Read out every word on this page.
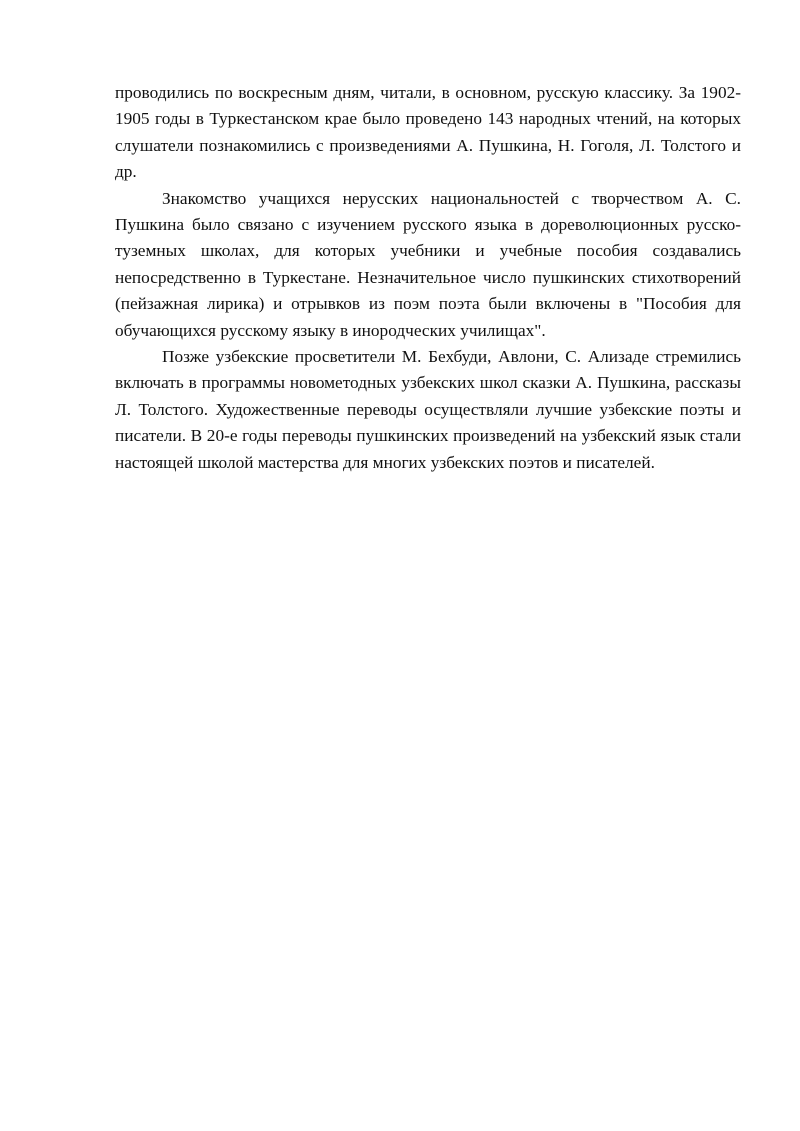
проводились по воскресным дням, читали, в основном, русскую классику. За 1902-1905 годы в Туркестанском крае было проведено 143 народных чтений, на которых слушатели познакомились с произведениями А. Пушкина, Н. Гоголя, Л. Толстого и др.

Знакомство учащихся нерусских национальностей с творчеством А. С. Пушкина было связано с изучением русского языка в дореволюционных русско-туземных школах, для которых учебники и учебные пособия создавались непосредственно в Туркестане. Незначительное число пушкинских стихотворений (пейзажная лирика) и отрывков из поэм поэта были включены в "Пособия для обучающихся русскому языку в инородческих училищах".

Позже узбекские просветители М. Бехбуди, Авлони, С. Ализаде стремились включать в программы новометодных узбекских школ сказки А. Пушкина, рассказы Л. Толстого. Художественные переводы осуществляли лучшие узбекские поэты и писатели. В 20-е годы переводы пушкинских произведений на узбекский язык стали настоящей школой мастерства для многих узбекских поэтов и писателей.
